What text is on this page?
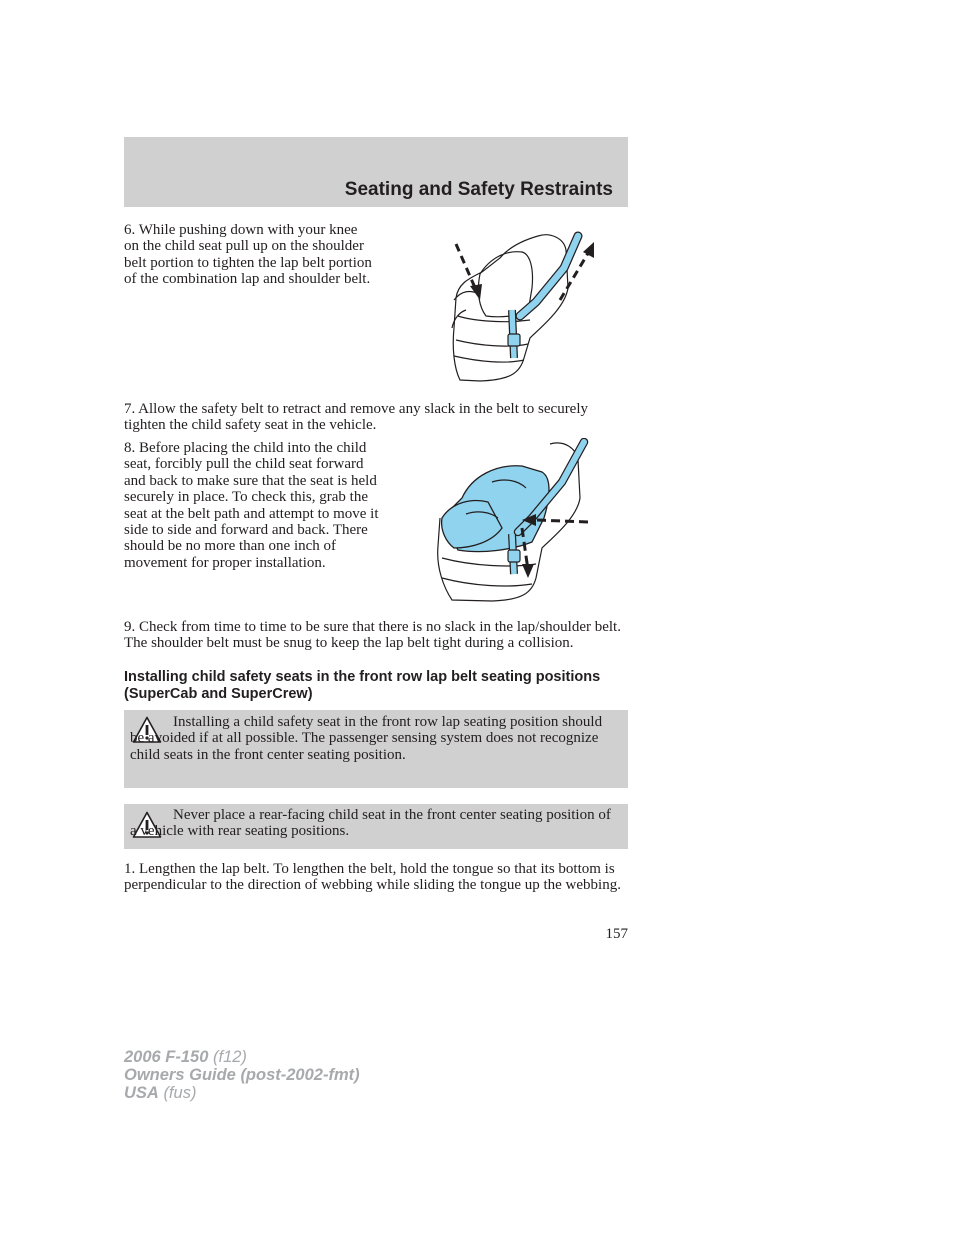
Seating and Safety Restraints

6. While pushing down with your knee on the child seat pull up on the shoulder belt portion to tighten the lap belt portion of the combination lap and shoulder belt.

7. Allow the safety belt to retract and remove any slack in the belt to securely tighten the child safety seat in the vehicle.

8. Before placing the child into the child seat, forcibly pull the child seat forward and back to make sure that the seat is held securely in place. To check this, grab the seat at the belt path and attempt to move it side to side and forward and back. There should be no more than one inch of movement for proper installation.

9. Check from time to time to be sure that there is no slack in the lap/shoulder belt. The shoulder belt must be snug to keep the lap belt tight during a collision.

Installing child safety seats in the front row lap belt seating positions (SuperCab and SuperCrew)

Installing a child safety seat in the front row lap seating position should be avoided if at all possible. The passenger sensing system does not recognize child seats in the front center seating position.
Never place a rear-facing child seat in the front center seating position of a vehicle with rear seating positions.

1. Lengthen the lap belt. To lengthen the belt, hold the tongue so that its bottom is perpendicular to the direction of webbing while sliding the tongue up the webbing.

157
2006 F-150 (f12)
Owners Guide (post-2002-fmt)
USA (fus)
